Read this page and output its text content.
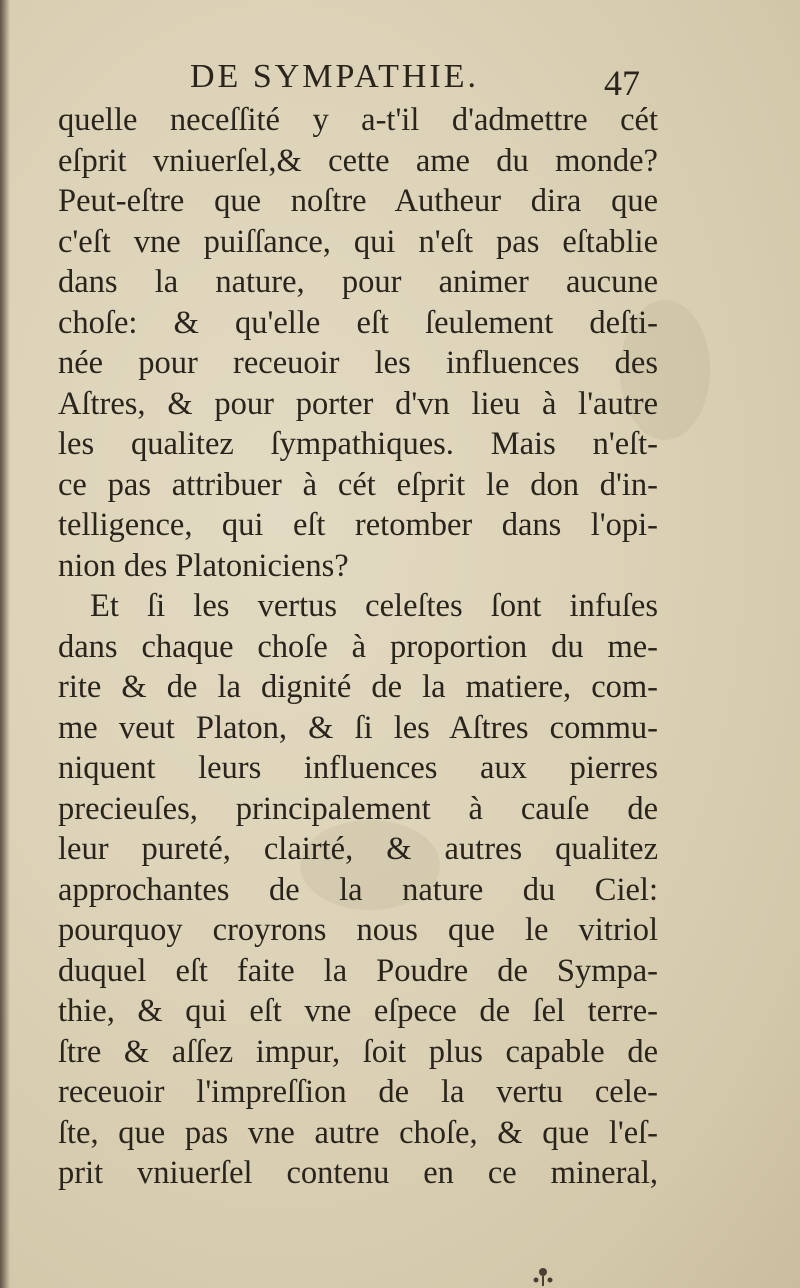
DE SYMPATHIE.	47
quelle neceſſité y a-t'il d'admettre cét
eſprit vniuerſel,& cette ame du monde?
Peut-eſtre que noſtre Autheur dira que
c'eſt vne puiſſance, qui n'eſt pas eſtablie
dans la nature, pour animer aucune
choſe: & qu'elle eſt ſeulement deſti-
née pour receuoir les influences des
Aſtres, & pour porter d'vn lieu à l'autre
les qualitez ſympathiques. Mais n'eſt-
ce pas attribuer à cét eſprit le don d'in-
telligence, qui eſt retomber dans l'opi-
nion des Platoniciens?
Et ſi les vertus celeſtes ſont infuſes
dans chaque choſe à proportion du me-
rite & de la dignité de la matiere, com-
me veut Platon, & ſi les Aſtres commu-
niquent leurs influences aux pierres
precieuſes, principalement à cauſe de
leur pureté, clairté, & autres qualitez
approchantes de la nature du Ciel:
pourquoy croyrons nous que le vitriol
duquel eſt faite la Poudre de Sympa-
thie, & qui eſt vne eſpece de ſel terre-
ſtre & aſſez impur, ſoit plus capable de
receuoir l'impreſſion de la vertu cele-
ſte, que pas vne autre choſe, & que l'eſ-
prit vniuerſel contenu en ce mineral,
